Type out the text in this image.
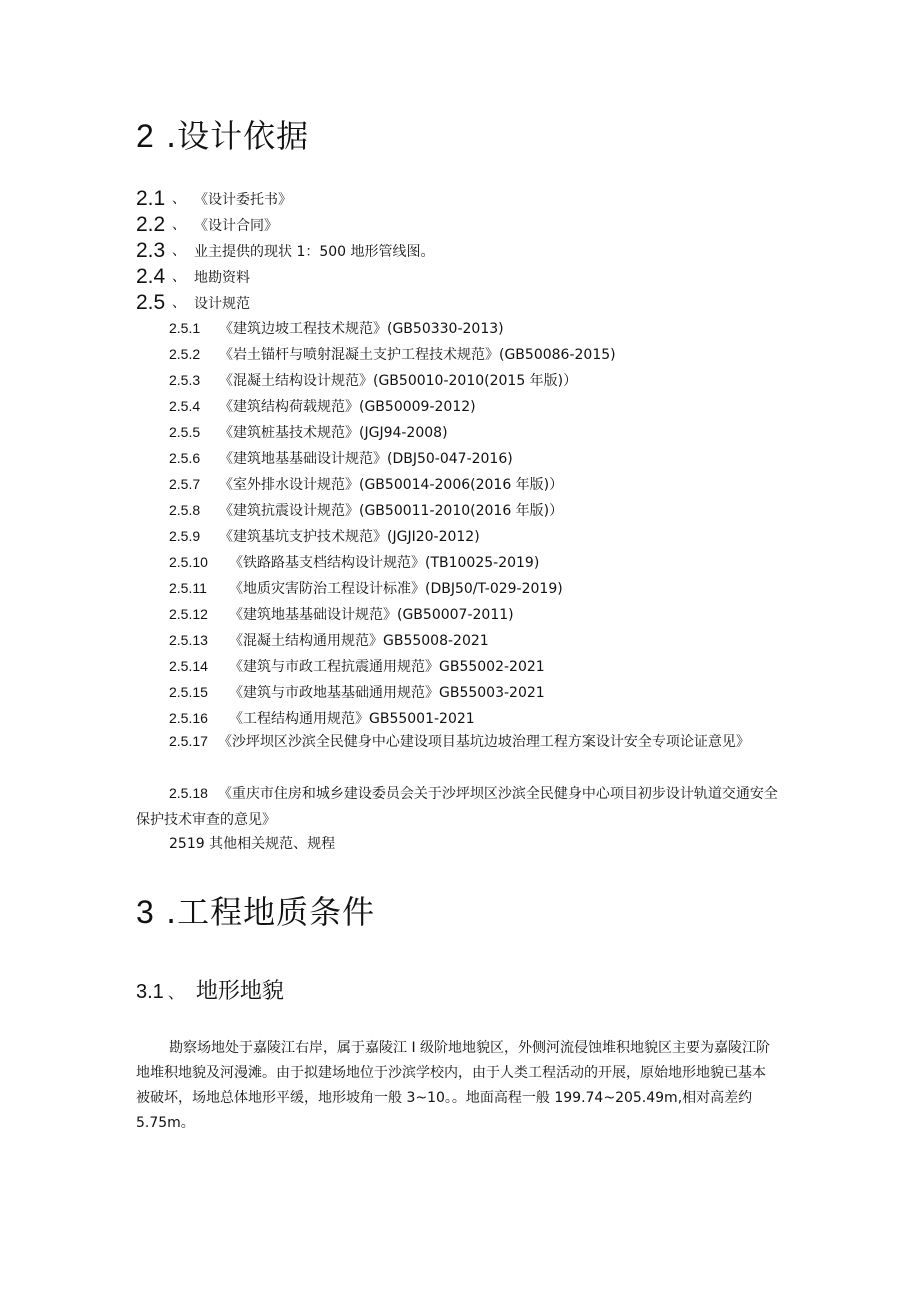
2 .设计依据
2.1 、 《设计委托书》
2.2 、 《设计合同》
2.3 、 业主提供的现状 1：500 地形管线图。
2.4 、 地勘资料
2.5 、 设计规范
2.5.1 《建筑边坡工程技术规范》(GB50330-2013)
2.5.2 《岩土锚杆与喷射混凝土支护工程技术规范》(GB50086-2015)
2.5.3 《混凝土结构设计规范》(GB50010-2010(2015 年版)）
2.5.4 《建筑结构荷载规范》(GB50009-2012)
2.5.5 《建筑桩基技术规范》(JGJ94-2008)
2.5.6 《建筑地基基础设计规范》(DBJ50-047-2016)
2.5.7 《室外排水设计规范》(GB50014-2006(2016 年版)）
2.5.8 《建筑抗震设计规范》(GB50011-2010(2016 年版)）
2.5.9 《建筑基坑支护技术规范》(JGJI20-2012)
2.5.10 《铁路路基支档结构设计规范》(TB10025-2019)
2.5.11 《地质灾害防治工程设计标准》(DBJ50/T-029-2019)
2.5.12 《建筑地基基础设计规范》(GB50007-2011)
2.5.13 《混凝土结构通用规范》GB55008-2021
2.5.14 《建筑与市政工程抗震通用规范》GB55002-2021
2.5.15 《建筑与市政地基基础通用规范》GB55003-2021
2.5.16 《工程结构通用规范》GB55001-2021
2.5.17 《沙坪坝区沙滨全民健身中心建设项目基坑边坡治理工程方案设计安全专项论证意见》
2.5.18 《重庆市住房和城乡建设委员会关于沙坪坝区沙滨全民健身中心项目初步设计轨道交通安全保护技术审查的意见》
2519 其他相关规范、规程
3 .工程地质条件
3.1 、 地形地貌
勘察场地处于嘉陵江右岸，属于嘉陵江 I 级阶地地貌区，外侧河流侵蚀堆积地貌区主要为嘉陵江阶地堆积地貌及河漫滩。由于拟建场地位于沙滨学校内，由于人类工程活动的开展，原始地形地貌已基本被破坏，场地总体地形平缓，地形坡角一般 3~10。。地面高程一般 199.74~205.49m,相对高差约 5.75m。
